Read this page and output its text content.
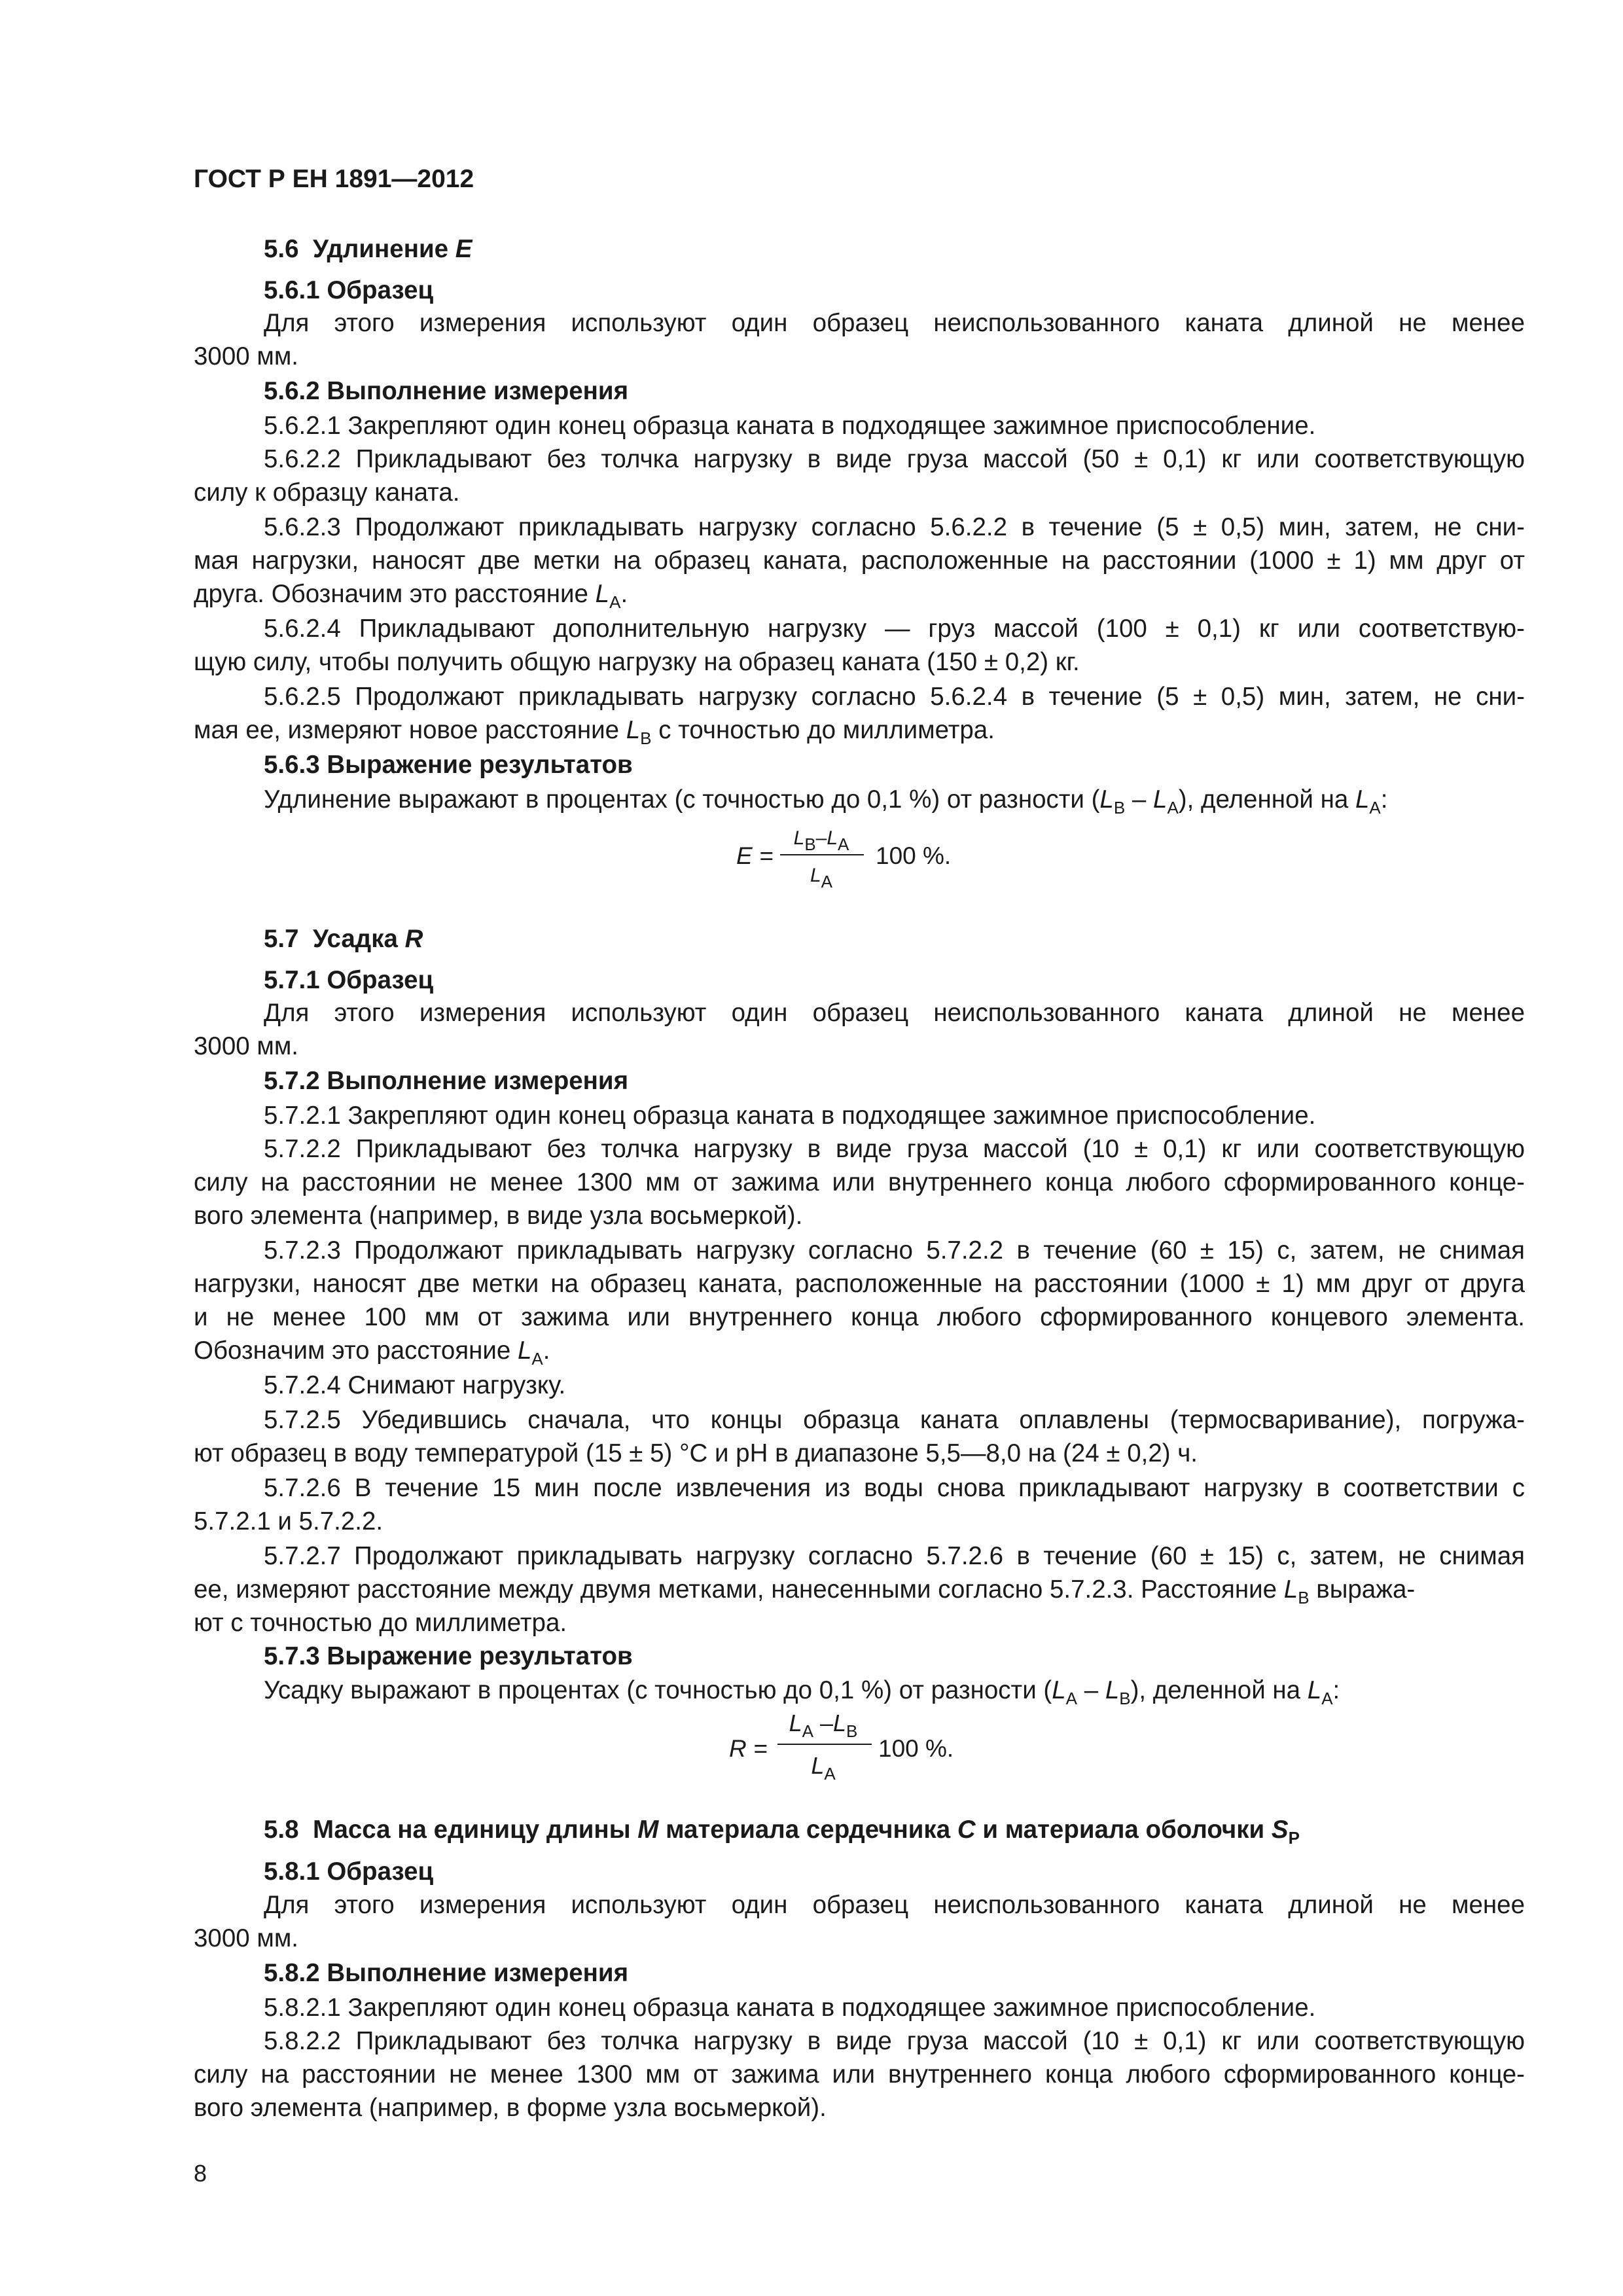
ГОСТ Р ЕН 1891—2012
5.6 Удлинение E
5.6.1 Образец
Для этого измерения используют один образец неиспользованного каната длиной не менее
3000 мм.
5.6.2 Выполнение измерения
5.6.2.1 Закрепляют один конец образца каната в подходящее зажимное приспособление.
5.6.2.2 Прикладывают без толчка нагрузку в виде груза массой (50 ± 0,1) кг или соответствующую
силу к образцу каната.
5.6.2.3 Продолжают прикладывать нагрузку согласно 5.6.2.2 в течение (5 ± 0,5) мин, затем, не сни-
мая нагрузки, наносят две метки на образец каната, расположенные на расстоянии (1000 ± 1) мм друг от
друга. Обозначим это расстояние $L_А$.
5.6.2.4 Прикладывают дополнительную нагрузку — груз массой (100 ± 0,1) кг или соответствую-
щую силу, чтобы получить общую нагрузку на образец каната (150 ± 0,2) кг.
5.6.2.5 Продолжают прикладывать нагрузку согласно 5.6.2.4 в течение (5 ± 0,5) мин, затем, не сни-
мая ее, измеряют новое расстояние $L_В$ с точностью до миллиметра.
5.6.3 Выражение результатов
Удлинение выражают в процентах (с точностью до 0,1 %) от разности $(L_В - L_А)$, деленной на $L_А$:
E =
$L_В-L_А$
$L_А$
100 %.
5.7 Усадка R
5.7.1 Образец
Для этого измерения используют один образец неиспользованного каната длиной не менее
3000 мм.
5.7.2 Выполнение измерения
5.7.2.1 Закрепляют один конец образца каната в подходящее зажимное приспособление.
5.7.2.2 Прикладывают без толчка нагрузку в виде груза массой (10 ± 0,1) кг или соответствующую
силу на расстоянии не менее 1300 мм от зажима или внутреннего конца любого сформированного конце-
вого элемента (например, в виде узла восьмеркой).
5.7.2.3 Продолжают прикладывать нагрузку согласно 5.7.2.2 в течение (60 ± 15) с, затем, не снимая
нагрузки, наносят две метки на образец каната, расположенные на расстоянии (1000 ± 1) мм друг от друга
и не менее 100 мм от зажима или внутреннего конца любого сформированного концевого элемента.
Обозначим это расстояние $L_А$.
5.7.2.4 Снимают нагрузку.
5.7.2.5 Убедившись сначала, что концы образца каната оплавлены (термосваривание), погружа-
ют образец в воду температурой (15 ± 5) °С и pH в диапазоне 5,5—8,0 на (24 ± 0,2) ч.
5.7.2.6 В течение 15 мин после извлечения из воды снова прикладывают нагрузку в соответствии с
5.7.2.1 и 5.7.2.2.
5.7.2.7 Продолжают прикладывать нагрузку согласно 5.7.2.6 в течение (60 ± 15) с, затем, не снимая
ее, измеряют расстояние между двумя метками, нанесенными согласно 5.7.2.3. Расстояние $L_В$ выража-
ют с точностью до миллиметра.
5.7.3 Выражение результатов
Усадку выражают в процентах (с точностью до 0,1 %) от разности $(L_А - L_В)$, деленной на $L_А$:
R =
$L_А$ $-L_В$
$L_А$
100 %.
5.8 Масса на единицу длины M материала сердечника C и материала оболочки $S_P$
5.8.1 Образец
Для этого измерения используют один образец неиспользованного каната длиной не менее
3000 мм.
5.8.2 Выполнение измерения
5.8.2.1 Закрепляют один конец образца каната в подходящее зажимное приспособление.
5.8.2.2 Прикладывают без толчка нагрузку в виде груза массой (10 ± 0,1) кг или соответствующую
силу на расстоянии не менее 1300 мм от зажима или внутреннего конца любого сформированного конце-
вого элемента (например, в форме узла восьмеркой).
8
